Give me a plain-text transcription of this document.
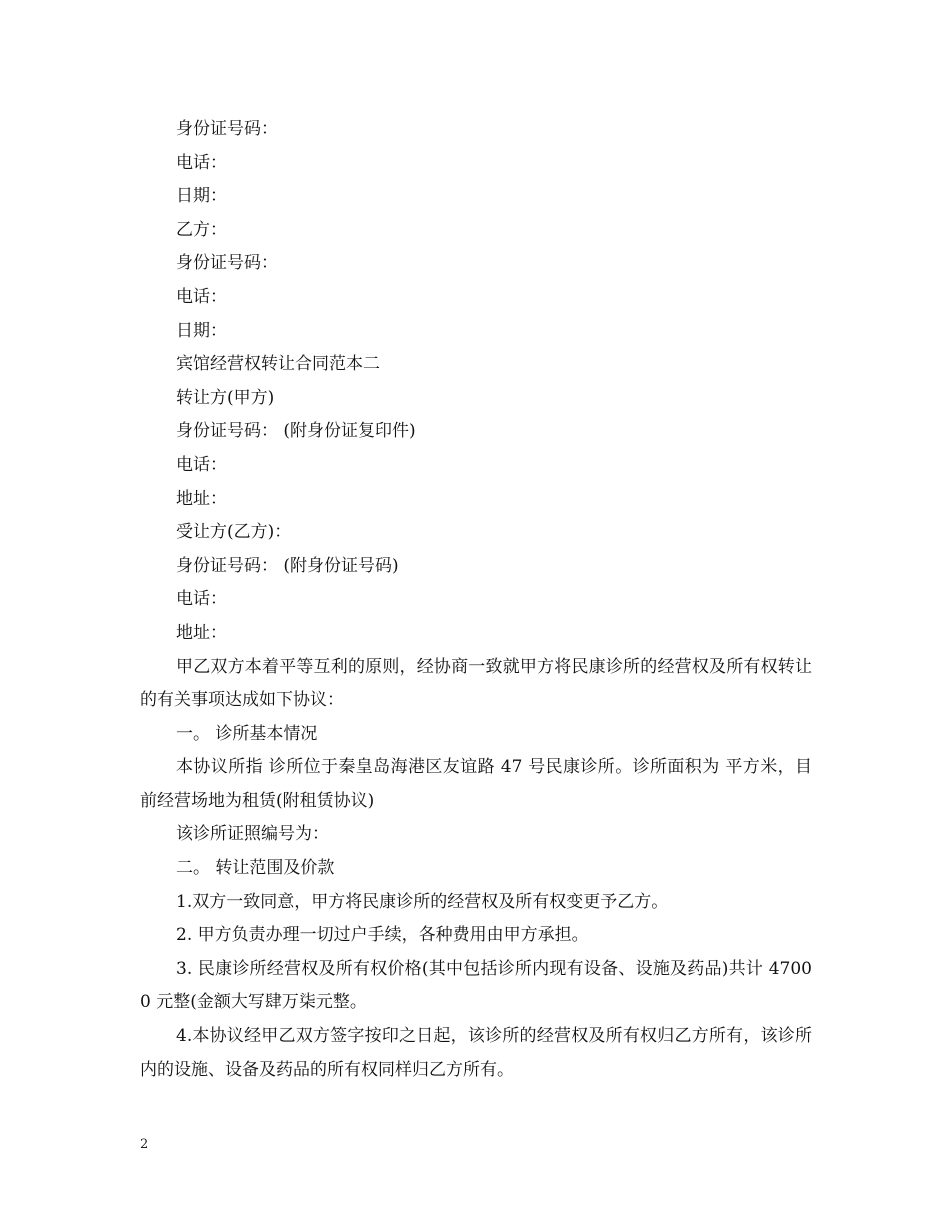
身份证号码：

电话：

日期：

乙方：

身份证号码：

电话：

日期：

宾馆经营权转让合同范本二

转让方(甲方)

身份证号码： (附身份证复印件)

电话：

地址：

受让方(乙方)：

身份证号码： (附身份证号码)

电话：

地址：

甲乙双方本着平等互利的原则，经协商一致就甲方将民康诊所的经营权及所有权转让的有关事项达成如下协议：

一。 诊所基本情况

本协议所指 诊所位于秦皇岛海港区友谊路 47 号民康诊所。诊所面积为 平方米，目前经营场地为租赁(附租赁协议)

该诊所证照编号为：

二。 转让范围及价款

1.双方一致同意，甲方将民康诊所的经营权及所有权变更予乙方。

2. 甲方负责办理一切过户手续，各种费用由甲方承担。

3. 民康诊所经营权及所有权价格(其中包括诊所内现有设备、设施及药品)共计 47000 元整(金额大写肆万柒元整。

4.本协议经甲乙双方签字按印之日起，该诊所的经营权及所有权归乙方所有，该诊所内的设施、设备及药品的所有权同样归乙方所有。

2
